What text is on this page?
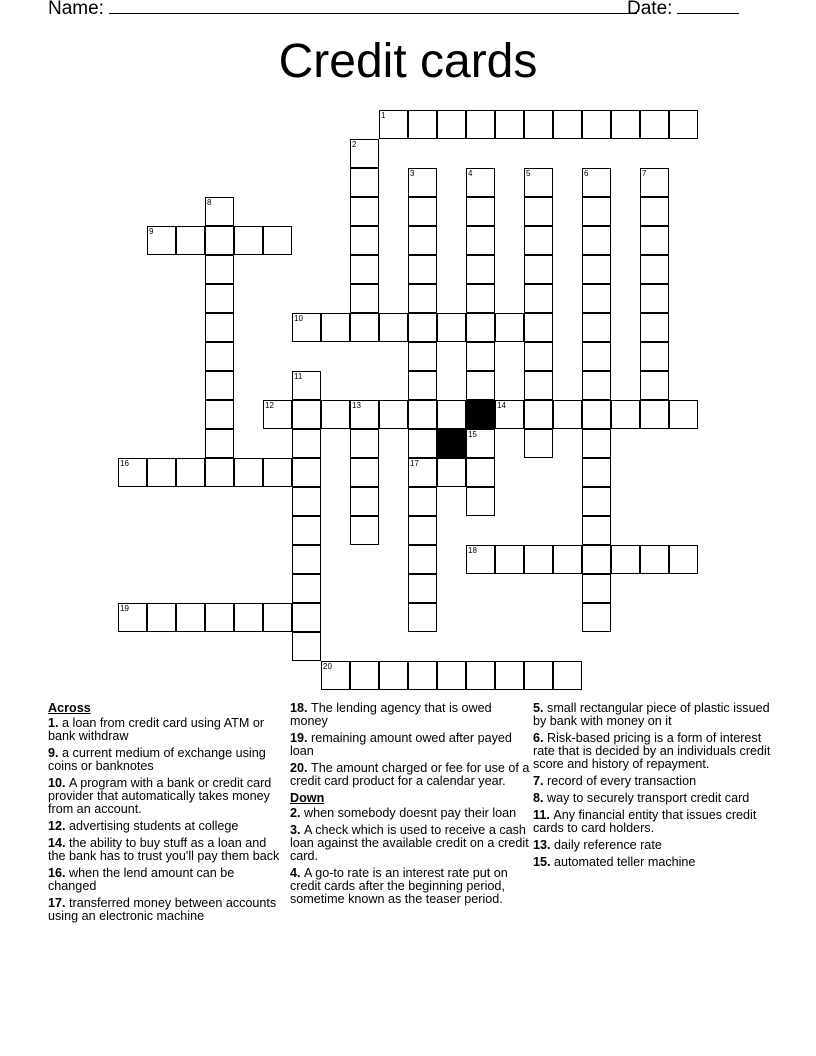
Name:	Date:
Credit cards
1
9
10
12	13	14
16	17
18
19
20
2
3	4	5	6	7
8
11
15
Across
1. a loan from credit card using ATM or bank withdraw
9. a current medium of exchange using coins or banknotes
10. A program with a bank or credit card provider that automatically takes money from an account.
12. advertising students at college
14. the ability to buy stuff as a loan and the bank has to trust you'll pay them back
16. when the lend amount can be changed
17. transferred money between accounts using an electronic machine
18. The lending agency that is owed money
19. remaining amount owed after payed loan
20. The amount charged or fee for use of a credit card product for a calendar year.
Down
2. when somebody doesnt pay their loan
3. A check which is used to receive a cash loan against the available credit on a credit card.
4. A go-to rate is an interest rate put on credit cards after the beginning period, sometime known as the teaser period.
5. small rectangular piece of plastic issued by bank with money on it
6. Risk-based pricing is a form of interest rate that is decided by an individuals credit score and history of repayment.
7. record of every transaction
8. way to securely transport credit card
11. Any financial entity that issues credit cards to card holders.
13. daily reference rate
15. automated teller machine
